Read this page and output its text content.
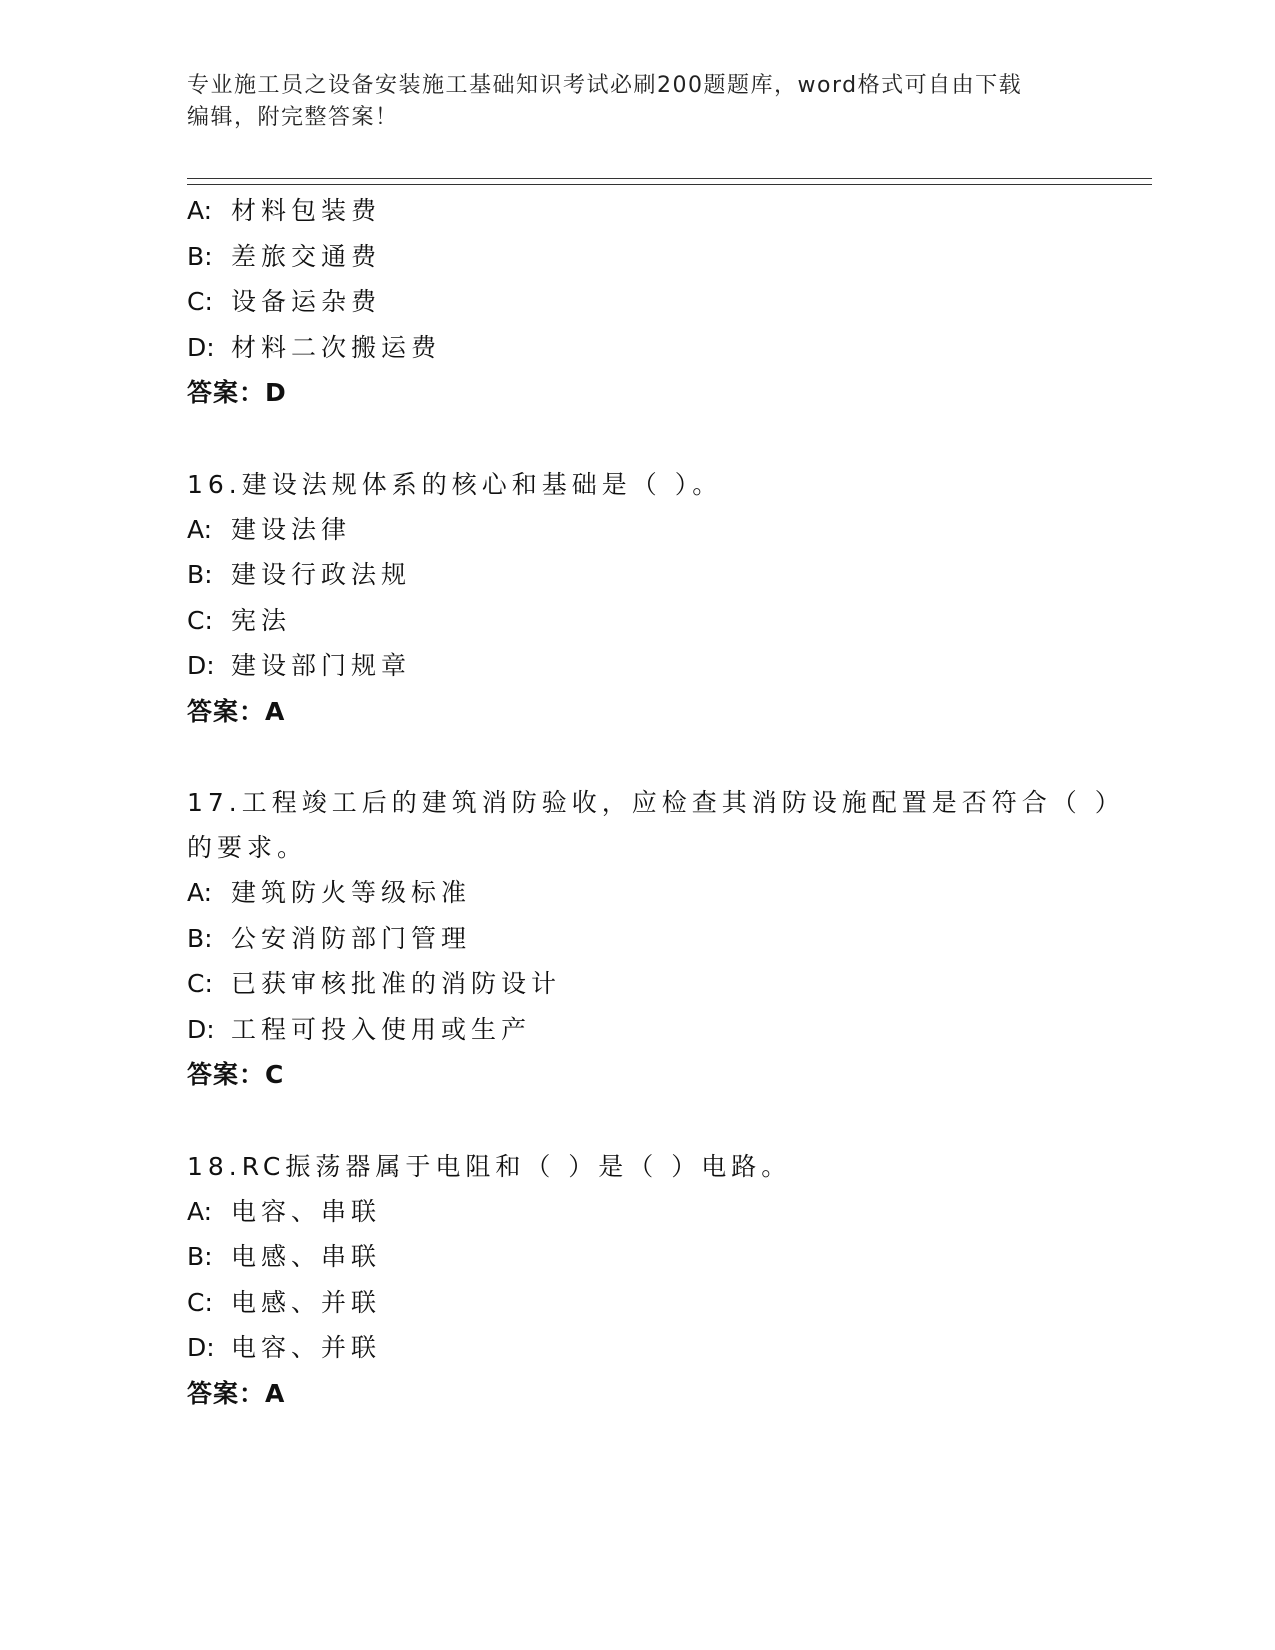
专业施工员之设备安装施工基础知识考试必刷200题题库，word格式可自由下载
编辑，附完整答案！
A: 材料包装费
B: 差旅交通费
C: 设备运杂费
D: 材料二次搬运费
答案：D
16.建设法规体系的核心和基础是（ ）。
A: 建设法律
B: 建设行政法规
C: 宪法
D: 建设部门规章
答案：A
17.工程竣工后的建筑消防验收，应检查其消防设施配置是否符合（ ）的要求。
A: 建筑防火等级标准
B: 公安消防部门管理
C: 已获审核批准的消防设计
D: 工程可投入使用或生产
答案：C
18.RC振荡器属于电阻和（ ）是（ ）电路。
A: 电容、串联
B: 电感、串联
C: 电感、并联
D: 电容、并联
答案：A
